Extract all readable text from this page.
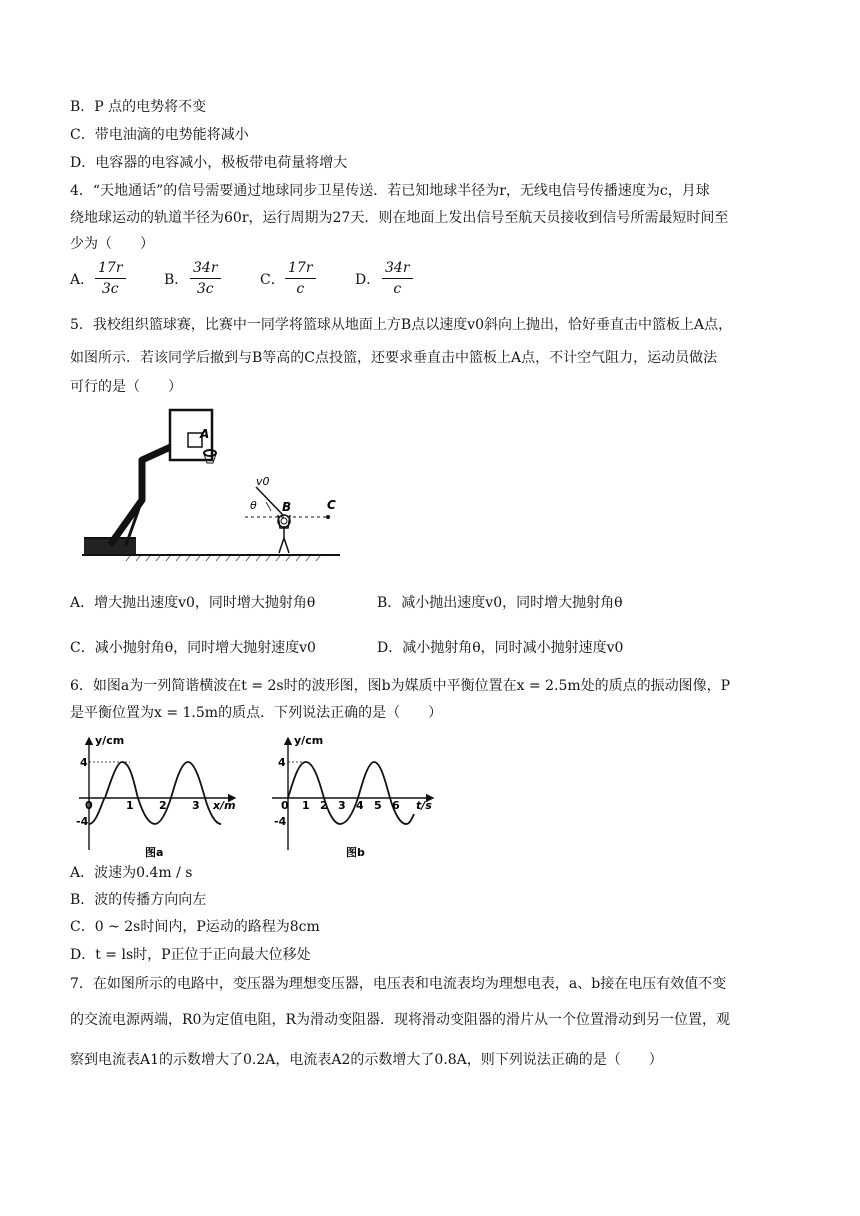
B．P 点的电势将不变
C．带电油滴的电势能将减小
D．电容器的电容减小，极板带电荷量将增大
4．“天地通话”的信号需要通过地球同步卫星传送．若已知地球半径为r，无线电信号传播速度为c，月球
绕地球运动的轨道半径为60r，运行周期为27天．则在地面上发出信号至航天员接收到信号所需最短时间至
少为（　　）
A． $\frac{17r}{3c}$	B． $\frac{34r}{3c}$	C． $\frac{17r}{c}$	D． $\frac{34r}{c}$
5．我校组织篮球赛，比赛中一同学将篮球从地面上方B点以速度v0斜向上抛出，恰好垂直击中篮板上A点，
如图所示．若该同学后撤到与B等高的C点投篮，还要求垂直击中篮板上A点，不计空气阻力，运动员做法
可行的是（　　）
A
v0
θ B	C
A．增大抛出速度v0，同时增大抛射角θ	B．减小抛出速度v0，同时增大抛射角θ
C．减小抛射角θ，同时增大抛射速度v0	D．减小抛射角θ，同时减小抛射速度v0
6．如图a为一列简谐横波在t = 2s时的波形图，图b为媒质中平衡位置在x = 2.5m处的质点的振动图像，P
是平衡位置为x = 1.5m的质点．下列说法正确的是（　　）
y/cm
x/m
4
-4
0	1 2 3
图a
y/cm
t/s
4
-4
0 1 2 3 4 5 6
图b
A．波速为0.4m / s
B．波的传播方向向左
C．0 ~ 2s时间内，P运动的路程为8cm
D．t = ls时，P正位于正向最大位移处
7．在如图所示的电路中，变压器为理想变压器，电压表和电流表均为理想电表，a、b接在电压有效值不变
的交流电源两端，R0为定值电阻，R为滑动变阻器．现将滑动变阻器的滑片从一个位置滑动到另一位置，观
察到电流表A1的示数增大了0.2A，电流表A2的示数增大了0.8A，则下列说法正确的是（　　）
